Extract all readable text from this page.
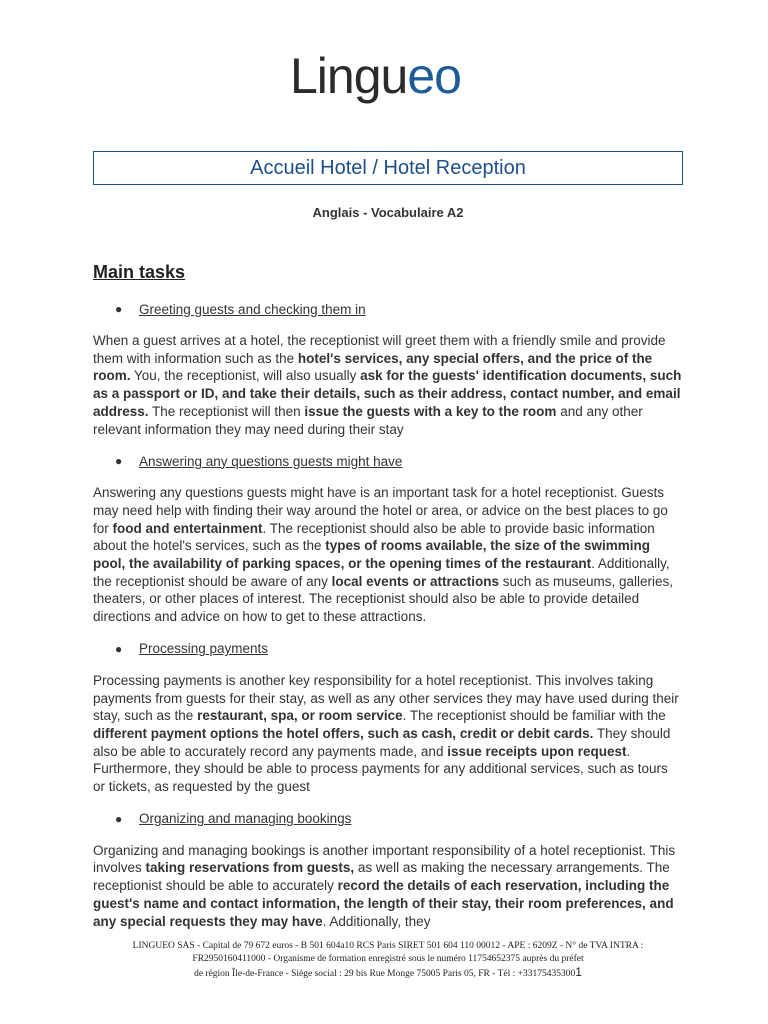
Lingueo
Accueil Hotel / Hotel Reception
Anglais - Vocabulaire A2
Main tasks
●	Greeting guests and checking them in
When a guest arrives at a hotel, the receptionist will greet them with a friendly smile and provide them with information such as the hotel's services, any special offers, and the price of the room. You, the receptionist, will also usually ask for the guests' identification documents, such as a passport or ID, and take their details, such as their address, contact number, and email address. The receptionist will then issue the guests with a key to the room and any other relevant information they may need during their stay
●	Answering any questions guests might have
Answering any questions guests might have is an important task for a hotel receptionist. Guests may need help with finding their way around the hotel or area, or advice on the best places to go for food and entertainment. The receptionist should also be able to provide basic information about the hotel's services, such as the types of rooms available, the size of the swimming pool, the availability of parking spaces, or the opening times of the restaurant. Additionally, the receptionist should be aware of any local events or attractions such as museums, galleries, theaters, or other places of interest. The receptionist should also be able to provide detailed directions and advice on how to get to these attractions.
●	Processing payments
Processing payments is another key responsibility for a hotel receptionist. This involves taking payments from guests for their stay, as well as any other services they may have used during their stay, such as the restaurant, spa, or room service. The receptionist should be familiar with the different payment options the hotel offers, such as cash, credit or debit cards. They should also be able to accurately record any payments made, and issue receipts upon request. Furthermore, they should be able to process payments for any additional services, such as tours or tickets, as requested by the guest
●	Organizing and managing bookings
Organizing and managing bookings is another important responsibility of a hotel receptionist. This involves taking reservations from guests, as well as making the necessary arrangements. The receptionist should be able to accurately record the details of each reservation, including the guest's name and contact information, the length of their stay, their room preferences, and any special requests they may have. Additionally, they
LINGUEO SAS - Capital de 79 672 euros - B 501 604a10 RCS Paris SIRET 501 604 110 00012 - APE : 6209Z - N° de TVA INTRA :
FR2950160411000 - Organisme de formation enregistré sous le numéro 11754652375 auprès du préfet
de région Île-de-France - Siège social : 29 bis Rue Monge 75005 Paris 05, FR - Tél : +331754353001
